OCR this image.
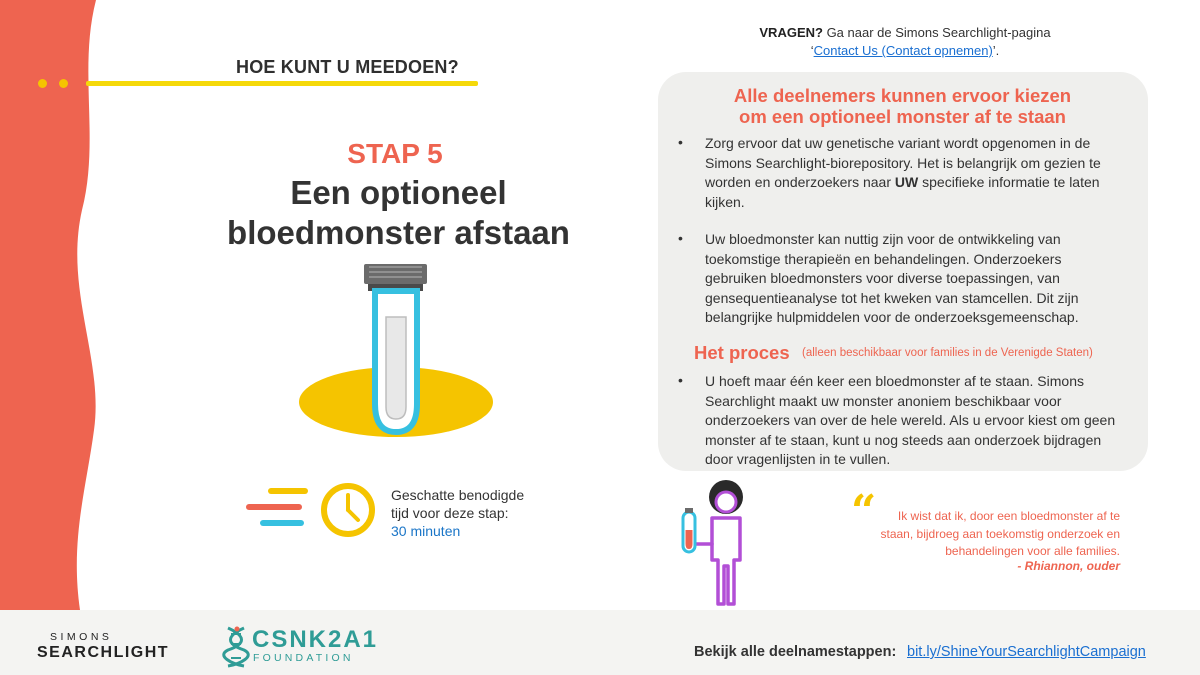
HOE KUNT U MEEDOEN?
STAP 5
Een optioneel
bloedmonster afstaan
Geschatte benodigde
tijd voor deze stap:
30 minuten
VRAGEN? Ga naar de Simons Searchlight-pagina
‘Contact Us (Contact opnemen)’.
Alle deelnemers kunnen ervoor kiezen
om een optioneel monster af te staan
• Zorg ervoor dat uw genetische variant wordt opgenomen in de Simons Searchlight-biorepository. Het is belangrijk om gezien te worden en onderzoekers naar UW specifieke informatie te laten kijken.
• Uw bloedmonster kan nuttig zijn voor de ontwikkeling van toekomstige therapieën en behandelingen. Onderzoekers gebruiken bloedmonsters voor diverse toepassingen, van gensequentieanalyse tot het kweken van stamcellen. Dit zijn belangrijke hulpmiddelen voor de onderzoeksgemeenschap.
Het proces (alleen beschikbaar voor families in de Verenigde Staten)
• U hoeft maar één keer een bloedmonster af te staan. Simons Searchlight maakt uw monster anoniem beschikbaar voor onderzoekers van over de hele wereld. Als u ervoor kiest om geen monster af te staan, kunt u nog steeds aan onderzoek bijdragen door vragenlijsten in te vullen.
“	Ik wist dat ik, door een bloedmonster af te staan, bijdroeg aan toekomstig onderzoek en behandelingen voor alle families.
- Rhiannon, ouder
SIMONS
SEARCHLIGHT	CSNK2A1
FOUNDATION	Bekijk alle deelnamestappen: bit.ly/ShineYourSearchlightCampaign
